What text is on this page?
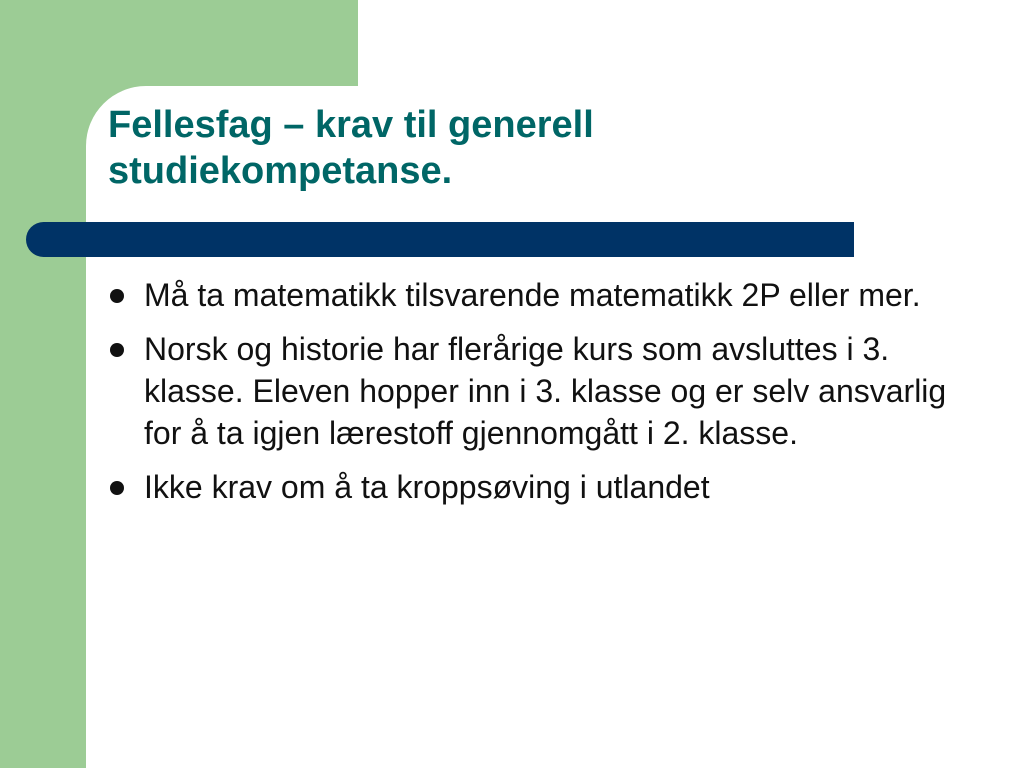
Fellesfag – krav til generell studiekompetanse.
Må ta matematikk tilsvarende matematikk 2P eller mer.
Norsk og historie har flerårige kurs som avsluttes i 3. klasse. Eleven hopper inn i 3. klasse og er selv ansvarlig for å ta igjen lærestoff gjennomgått i 2. klasse.
Ikke krav om å ta kroppsøving i utlandet
